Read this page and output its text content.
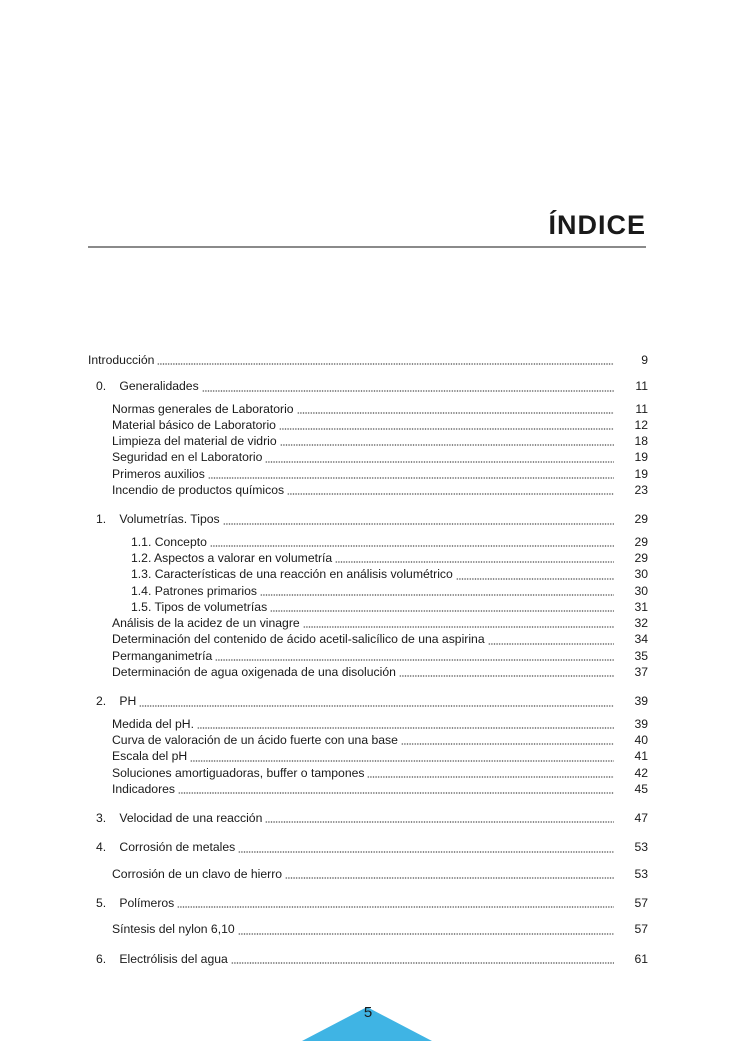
ÍNDICE
Introducción	9
0. Generalidades	11
Normas generales de Laboratorio	11
Material básico de Laboratorio	12
Limpieza del material de vidrio	18
Seguridad en el Laboratorio	19
Primeros auxilios	19
Incendio de productos químicos	23
1. Volumetrías. Tipos	29
1.1. Concepto	29
1.2. Aspectos a valorar en volumetría	29
1.3. Características de una reacción en análisis volumétrico	30
1.4. Patrones primarios	30
1.5. Tipos de volumetrías	31
Análisis de la acidez de un vinagre	32
Determinación del contenido de ácido acetil-salicílico de una aspirina	34
Permanganimetría	35
Determinación de agua oxigenada de una disolución	37
2. PH	39
Medida del pH.	39
Curva de valoración de un ácido fuerte con una base	40
Escala del pH	41
Soluciones amortiguadoras, buffer o tampones	42
Indicadores	45
3. Velocidad de una reacción	47
4. Corrosión de metales	53
Corrosión de un clavo de hierro	53
5. Polímeros	57
Síntesis del nylon 6,10	57
6. Electrólisis del agua	61
5
